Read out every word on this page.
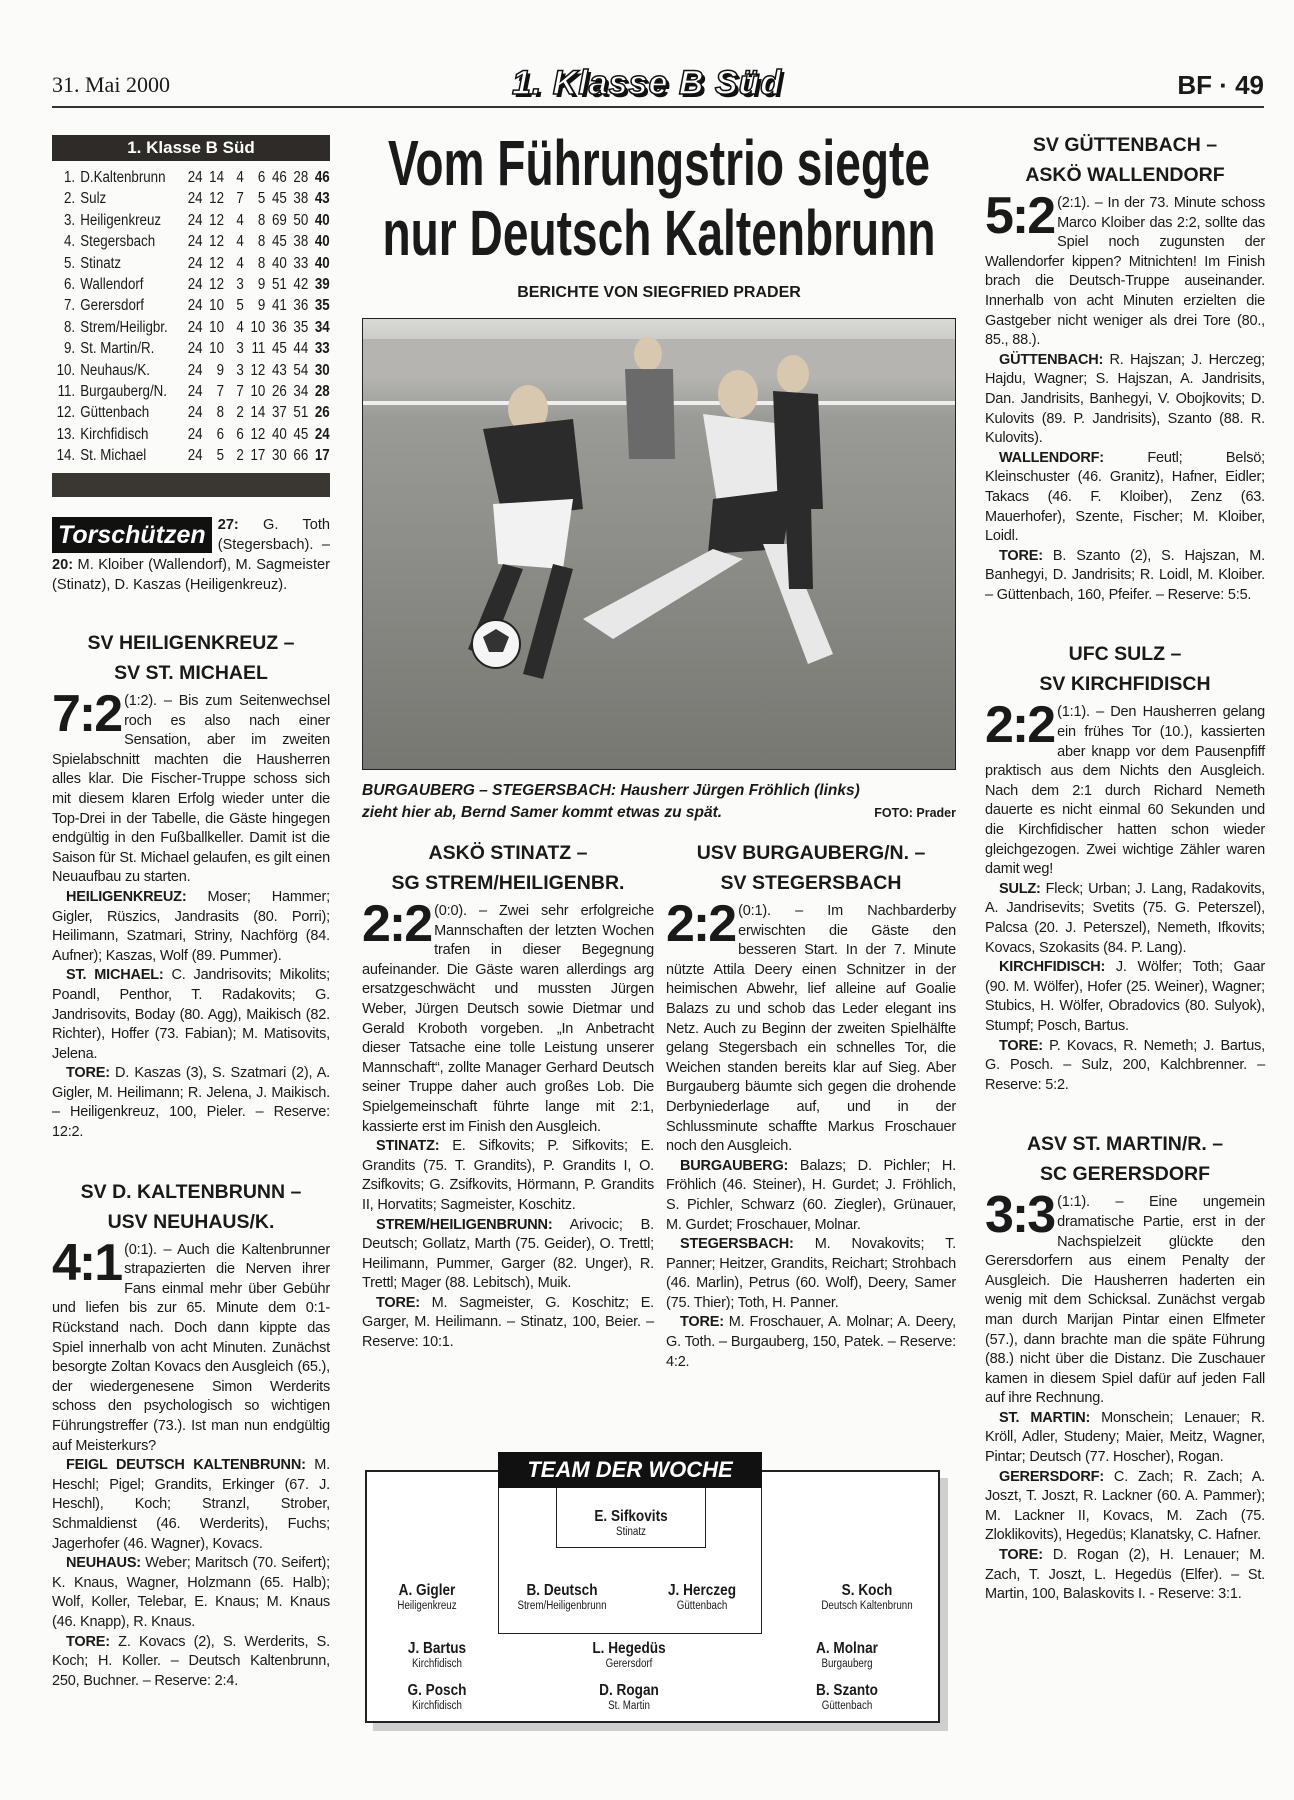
31. Mai 2000	1. Klasse B Süd	BF · 49
1. Klasse B Süd
1. D.Kaltenbrunn	24 14 4 6 46 28 46
2. Sulz	24 12 7 5 45 38 43
3. Heiligenkreuz	24 12 4 8 69 50 40
4. Stegersbach	24 12 4 8 45 38 40
5. Stinatz	24 12 4 8 40 33 40
6. Wallendorf	24 12 3 9 51 42 39
7. Gerersdorf	24 10 5 9 41 36 35
8. Strem/Heiligbr.	24 10 4 10 36 35 34
9. St. Martin/R.	24 10 3 11 45 44 33
10. Neuhaus/K.	24 9 3 12 43 54 30
11. Burgauberg/N.	24 7 7 10 26 34 28
12. Güttenbach	24 8 2 14 37 51 26
13. Kirchfidisch	24 6 6 12 40 45 24
14. St. Michael	24 5 2 17 30 66 17
Torschützen 27: G. Toth (Stegersbach). – 20: M. Kloiber (Wallendorf), M. Sagmeister (Stinatz), D. Kaszas (Heiligenkreuz).
SV HEILIGENKREUZ –
SV ST. MICHAEL

7:2 (1:2). – Bis zum Seitenwechsel roch es also nach einer Sensation, aber im zweiten Spielabschnitt machten die Hausherren alles klar. Die Fischer-Truppe schoss sich mit diesem klaren Erfolg wieder unter die Top-Drei in der Tabelle, die Gäste hingegen endgültig in den Fußballkeller. Damit ist die Saison für St. Michael gelaufen, es gilt einen Neuaufbau zu starten.

HEILIGENKREUZ: Moser; Hammer; Gigler, Rüszics, Jandrasits (80. Porri); Heilimann, Szatmari, Striny, Nachförg (84. Aufner); Kaszas, Wolf (89. Pummer).

ST. MICHAEL: C. Jandrisovits; Mikolits; Poandl, Penthor, T. Radakovits; G. Jandrisovits, Boday (80. Agg), Maikisch (82. Richter), Hoffer (73. Fabian); M. Matisovits, Jelena.

TORE: D. Kaszas (3), S. Szatmari (2), A. Gigler, M. Heilimann; R. Jelena, J. Maikisch. – Heiligenkreuz, 100, Pieler. – Reserve: 12:2.

SV D. KALTENBRUNN –
USV NEUHAUS/K.

4:1 (0:1). – Auch die Kaltenbrunner strapazierten die Nerven ihrer Fans einmal mehr über Gebühr und liefen bis zur 65. Minute dem 0:1-Rückstand nach. Doch dann kippte das Spiel innerhalb von acht Minuten. Zunächst besorgte Zoltan Kovacs den Ausgleich (65.), der wiedergenesene Simon Werderits schoss den psychologisch so wichtigen Führungstreffer (73.). Ist man nun endgültig auf Meisterkurs?

FEIGL DEUTSCH KALTENBRUNN: M. Heschl; Pigel; Grandits, Erkinger (67. J. Heschl), Koch; Stranzl, Strober, Schmaldienst (46. Werderits), Fuchs; Jagerhofer (46. Wagner), Kovacs.

NEUHAUS: Weber; Maritsch (70. Seifert); K. Knaus, Wagner, Holzmann (65. Halb); Wolf, Koller, Telebar, E. Knaus; M. Knaus (46. Knapp), R. Knaus.

TORE: Z. Kovacs (2), S. Werderits, S. Koch; H. Koller. – Deutsch Kaltenbrunn, 250, Buchner. – Reserve: 2:4.

Vom Führungstrio siegte
nur Deutsch Kaltenbrunn
BERICHTE VON SIEGFRIED PRADER
FOTO: Prader
BURGAUBERG – STEGERSBACH: Hausherr Jürgen Fröhlich (links) zieht hier ab, Bernd Samer kommt etwas zu spät.
ASKÖ STINATZ –
SG STREM/HEILIGENBR.

2:2 (0:0). – Zwei sehr erfolgreiche Mannschaften der letzten Wochen trafen in dieser Begegnung aufeinander. Die Gäste waren allerdings arg ersatzgeschwächt und mussten Jürgen Weber, Jürgen Deutsch sowie Dietmar und Gerald Kroboth vorgeben. „In Anbetracht dieser Tatsache eine tolle Leistung unserer Mannschaft“, zollte Manager Gerhard Deutsch seiner Truppe daher auch großes Lob. Die Spielgemeinschaft führte lange mit 2:1, kassierte erst im Finish den Ausgleich.

STINATZ: E. Sifkovits; P. Sifkovits; E. Grandits (75. T. Grandits), P. Grandits I, O. Zsifkovits; G. Zsifkovits, Hörmann, P. Grandits II, Horvatits; Sagmeister, Koschitz.

STREM/HEILIGENBRUNN: Arivocic; B. Deutsch; Gollatz, Marth (75. Geider), O. Trettl; Heilimann, Pummer, Garger (82. Unger), R. Trettl; Mager (88. Lebitsch), Muik.

TORE: M. Sagmeister, G. Koschitz; E. Garger, M. Heilimann. – Stinatz, 100, Beier. – Reserve: 10:1.

USV BURGAUBERG/N. –
SV STEGERSBACH

2:2 (0:1). – Im Nachbarderby erwischten die Gäste den besseren Start. In der 7. Minute nützte Attila Deery einen Schnitzer in der heimischen Abwehr, lief alleine auf Goalie Balazs zu und schob das Leder elegant ins Netz. Auch zu Beginn der zweiten Spielhälfte gelang Stegersbach ein schnelles Tor, die Weichen standen bereits klar auf Sieg. Aber Burgauberg bäumte sich gegen die drohende Derbyniederlage auf, und in der Schlussminute schaffte Markus Froschauer noch den Ausgleich.

BURGAUBERG: Balazs; D. Pichler; H. Fröhlich (46. Steiner), H. Gurdet; J. Fröhlich, S. Pichler, Schwarz (60. Ziegler), Grünauer, M. Gurdet; Froschauer, Molnar.

STEGERSBACH: M. Novakovits; T. Panner; Heitzer, Grandits, Reichart; Strohbach (46. Marlin), Petrus (60. Wolf), Deery, Samer (75. Thier); Toth, H. Panner.

TORE: M. Froschauer, A. Molnar; A. Deery, G. Toth. – Burgauberg, 150, Patek. – Reserve: 4:2.

TEAM DER WOCHE
E. Sifkovits
Stinatz
A. Gigler
Heiligenkreuz
B. Deutsch
Strem/Heiligenbrunn
J. Herczeg
Güttenbach
S. Koch
Deutsch Kaltenbrunn
J. Bartus
Kirchfidisch
L. Hegedüs
Gerersdorf
A. Molnar
Burgauberg
G. Posch
Kirchfidisch
D. Rogan
St. Martin
B. Szanto
Güttenbach
SV GÜTTENBACH –
ASKÖ WALLENDORF

5:2 (2:1). – In der 73. Minute schoss Marco Kloiber das 2:2, sollte das Spiel noch zugunsten der Wallendorfer kippen? Mitnichten! Im Finish brach die Deutsch-Truppe auseinander. Innerhalb von acht Minuten erzielten die Gastgeber nicht weniger als drei Tore (80., 85., 88.).

GÜTTENBACH: R. Hajszan; J. Herczeg; Hajdu, Wagner; S. Hajszan, A. Jandrisits, Dan. Jandrisits, Banhegyi, V. Obojkovits; D. Kulovits (89. P. Jandrisits), Szanto (88. R. Kulovits).

WALLENDORF: Feutl; Belsö; Kleinschuster (46. Granitz), Hafner, Eidler; Takacs (46. F. Kloiber), Zenz (63. Mauerhofer), Szente, Fischer; M. Kloiber, Loidl.

TORE: B. Szanto (2), S. Hajszan, M. Banhegyi, D. Jandrisits; R. Loidl, M. Kloiber. – Güttenbach, 160, Pfeifer. – Reserve: 5:5.

UFC SULZ –
SV KIRCHFIDISCH

2:2 (1:1). – Den Hausherren gelang ein frühes Tor (10.), kassierten aber knapp vor dem Pausenpfiff praktisch aus dem Nichts den Ausgleich. Nach dem 2:1 durch Richard Nemeth dauerte es nicht einmal 60 Sekunden und die Kirchfidischer hatten schon wieder gleichgezogen. Zwei wichtige Zähler waren damit weg!

SULZ: Fleck; Urban; J. Lang, Radakovits, A. Jandrisevits; Svetits (75. G. Peterszel), Palcsa (20. J. Peterszel), Nemeth, Ifkovits; Kovacs, Szokasits (84. P. Lang).

KIRCHFIDISCH: J. Wölfer; Toth; Gaar (90. M. Wölfer), Hofer (25. Weiner), Wagner; Stubics, H. Wölfer, Obradovics (80. Sulyok), Stumpf; Posch, Bartus.

TORE: P. Kovacs, R. Nemeth; J. Bartus, G. Posch. – Sulz, 200, Kalchbrenner. – Reserve: 5:2.

ASV ST. MARTIN/R. –
SC GERERSDORF

3:3 (1:1). – Eine ungemein dramatische Partie, erst in der Nachspielzeit glückte den Gerersdorfern aus einem Penalty der Ausgleich. Die Hausherren haderten ein wenig mit dem Schicksal. Zunächst vergab man durch Marijan Pintar einen Elfmeter (57.), dann brachte man die späte Führung (88.) nicht über die Distanz. Die Zuschauer kamen in diesem Spiel dafür auf jeden Fall auf ihre Rechnung.

ST. MARTIN: Monschein; Lenauer; R. Kröll, Adler, Studeny; Maier, Meitz, Wagner, Pintar; Deutsch (77. Hoscher), Rogan.

GERERSDORF: C. Zach; R. Zach; A. Joszt, T. Joszt, R. Lackner (60. A. Pammer); M. Lackner II, Kovacs, M. Zach (75. Zloklikovits), Hegedüs; Klanatsky, C. Hafner.

TORE: D. Rogan (2), H. Lenauer; M. Zach, T. Joszt, L. Hegedüs (Elfer). – St. Martin, 100, Balaskovits I. - Reserve: 3:1.
